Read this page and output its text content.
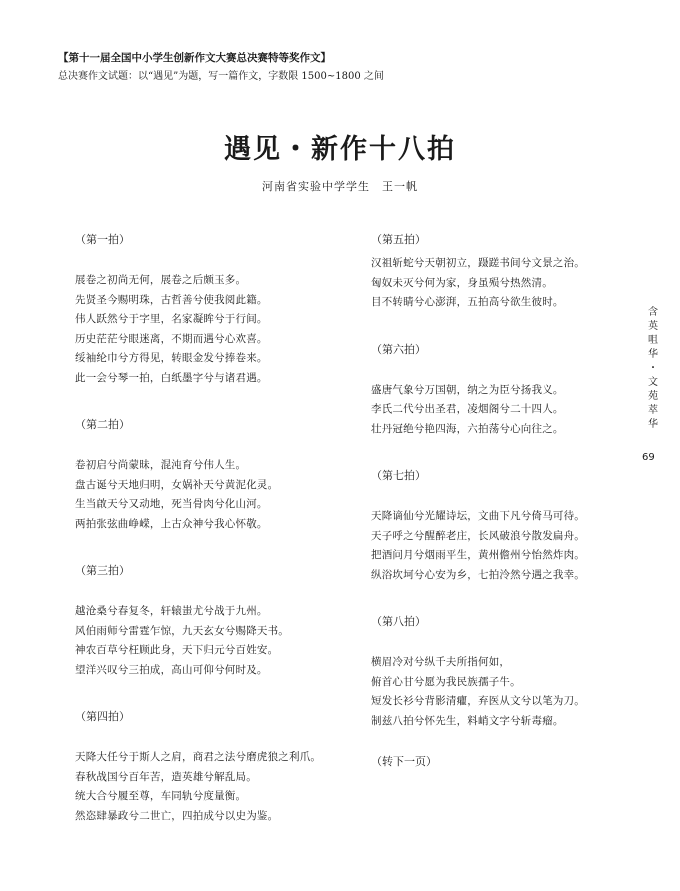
【第十一届全国中小学生创新作文大赛总决赛特等奖作文】
总决赛作文试题：以“遇见”为题，写一篇作文，字数限 1500~1800 之间
遇见・新作十八拍
河南省实验中学学生　王一帆
（第一拍）
展卷之初尚无何，展卷之后颇玉多。
先贤圣今赐明珠，古哲善兮使我阅此籍。
伟人跃然兮于字里，名家凝眸兮于行间。
历史茫茫兮眼迷离，不期而遇兮心欢喜。
绥袖纶巾兮方得见，转眼金发兮捧卷来。
此一会兮琴一拍，白纸墨字兮与诸君遇。
（第二拍）
卷初启兮尚蒙昧，混沌育兮伟人生。
盘古诞兮天地归明，女娲补天兮黄泥化灵。
生当啟天兮又动地，死当骨肉兮化山河。
两拍张弦曲峥嵘，上古众神兮我心怀敬。
（第三拍）
越沧桑兮春复冬，轩辕蚩尤兮战于九州。
风伯雨师兮雷霆乍惊，九天玄女兮赐降天书。
神农百草兮枉顾此身，天下归元兮百姓安。
望洋兴叹兮三拍成，高山可仰兮何时及。
（第四拍）
天降大任兮于斯人之肩，商君之法兮磨虎狼之利爪。
春秋战国兮百年苦，造英雄兮解乱局。
统大合兮履至尊，车同轨兮度量衡。
然恣肆暴政兮二世亡，四拍成兮以史为鉴。
（第五拍）
汉祖斩蛇兮天朝初立，蹑蹉书间兮文景之治。
匈奴未灭兮何为家，身虽殒兮热然清。
目不转睛兮心澎湃，五拍高兮欲生彼时。
（第六拍）
盛唐气象兮万国朝，纳之为臣兮扬我义。
李氏二代兮出圣君，凌烟阁兮二十四人。
壮丹冠绝兮艳四海，六拍荡兮心向往之。
（第七拍）
天降谪仙兮光耀诗坛，文曲下凡兮倚马可待。
天子呼之兮醒醉老庄，长风破浪兮散发扁舟。
把酒问月兮烟雨平生，黄州儋州兮怡然炸肉。
纵浴坎坷兮心安为乡，七拍泠然兮遇之我幸。
（第八拍）
横眉冷对兮纵千夫所指何如，
俯首心甘兮愿为我民族孺子牛。
短发长衫兮背影清癯，弃医从文兮以笔为刀。
制兹八拍兮怀先生，料峭文字兮斩毒瘤。
（转下一页）
含
英
咀
华
・
文
苑
萃
华
69
